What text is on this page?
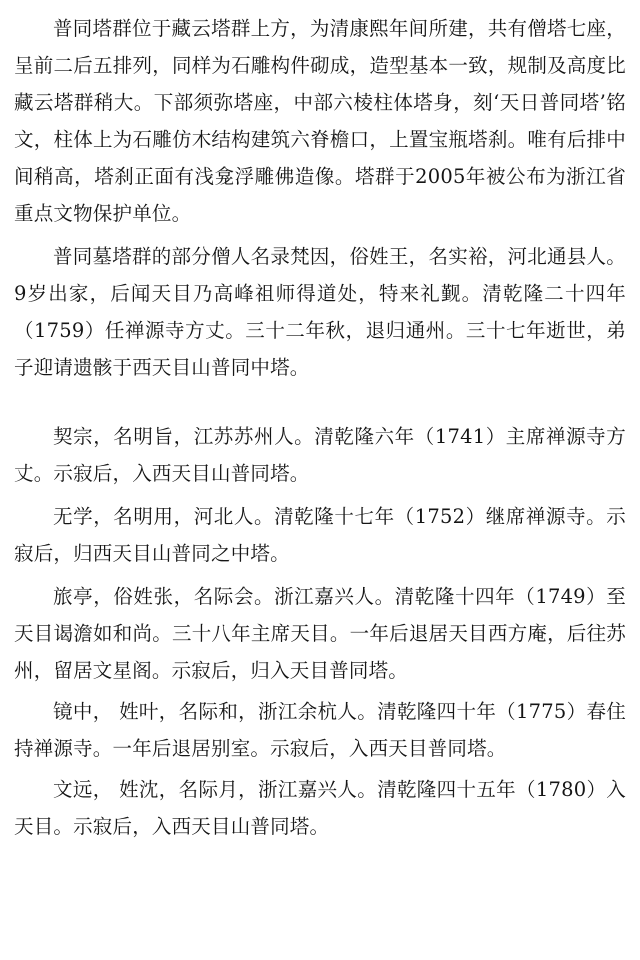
普同塔群位于藏云塔群上方，为清康熙年间所建，共有僧塔七座，呈前二后五排列，同样为石雕构件砌成，造型基本一致，规制及高度比藏云塔群稍大。下部须弥塔座，中部六棱柱体塔身，刻‘天日普同塔’铭文，柱体上为石雕仿木结构建筑六脊檐口，上置宝瓶塔刹。唯有后排中间稍高，塔刹正面有浅龛浮雕佛造像。塔群于2005年被公布为浙江省重点文物保护单位。

普同墓塔群的部分僧人名录梵因，俗姓王，名实裕，河北通县人。9岁出家，后闻天目乃高峰祖师得道处，特来礼觐。清乾隆二十四年（1759）任禅源寺方丈。三十二年秋，退归通州。三十七年逝世，弟子迎请遗骸于西天目山普同中塔。

契宗，名明旨，江苏苏州人。清乾隆六年（1741）主席禅源寺方丈。示寂后，入西天目山普同塔。

无学，名明用，河北人。清乾隆十七年（1752）继席禅源寺。示寂后，归西天目山普同之中塔。

旅亭，俗姓张，名际会。浙江嘉兴人。清乾隆十四年（1749）至天目谒澹如和尚。三十八年主席天目。一年后退居天目西方庵，后往苏州，留居文星阁。示寂后，归入天目普同塔。

镜中， 姓叶，名际和，浙江余杭人。清乾隆四十年（1775）春住持禅源寺。一年后退居别室。示寂后，入西天目普同塔。

文远， 姓沈，名际月，浙江嘉兴人。清乾隆四十五年（1780）入天目。示寂后，入西天目山普同塔。
